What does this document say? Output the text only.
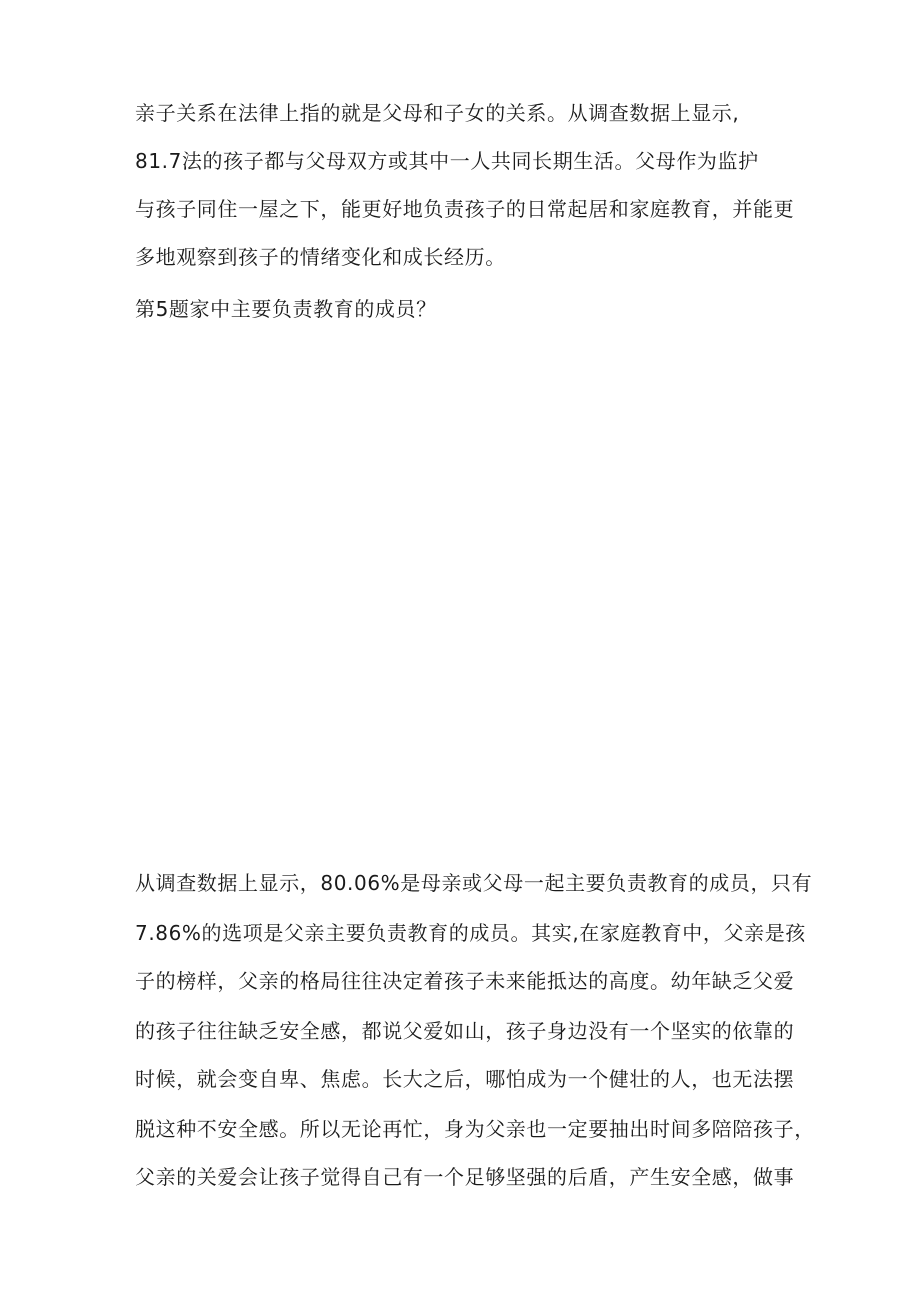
亲子关系在法律上指的就是父母和子女的关系。从调查数据上显示,

81.7法的孩子都与父母双方或其中一人共同长期生活。父母作为监护

与孩子同住一屋之下，能更好地负责孩子的日常起居和家庭教育，并能更

多地观察到孩子的情绪变化和成长经历。

第5题家中主要负责教育的成员？

从调查数据上显示，80.06%是母亲或父母一起主要负责教育的成员，只有

7.86%的选项是父亲主要负责教育的成员。其实,在家庭教育中，父亲是孩

子的榜样，父亲的格局往往决定着孩子未来能抵达的高度。幼年缺乏父爱

的孩子往往缺乏安全感，都说父爱如山，孩子身边没有一个坚实的依靠的

时候，就会变自卑、焦虑。长大之后，哪怕成为一个健壮的人，也无法摆

脱这种不安全感。所以无论再忙，身为父亲也一定要抽出时间多陪陪孩子，

父亲的关爱会让孩子觉得自己有一个足够坚强的后盾，产生安全感，做事
